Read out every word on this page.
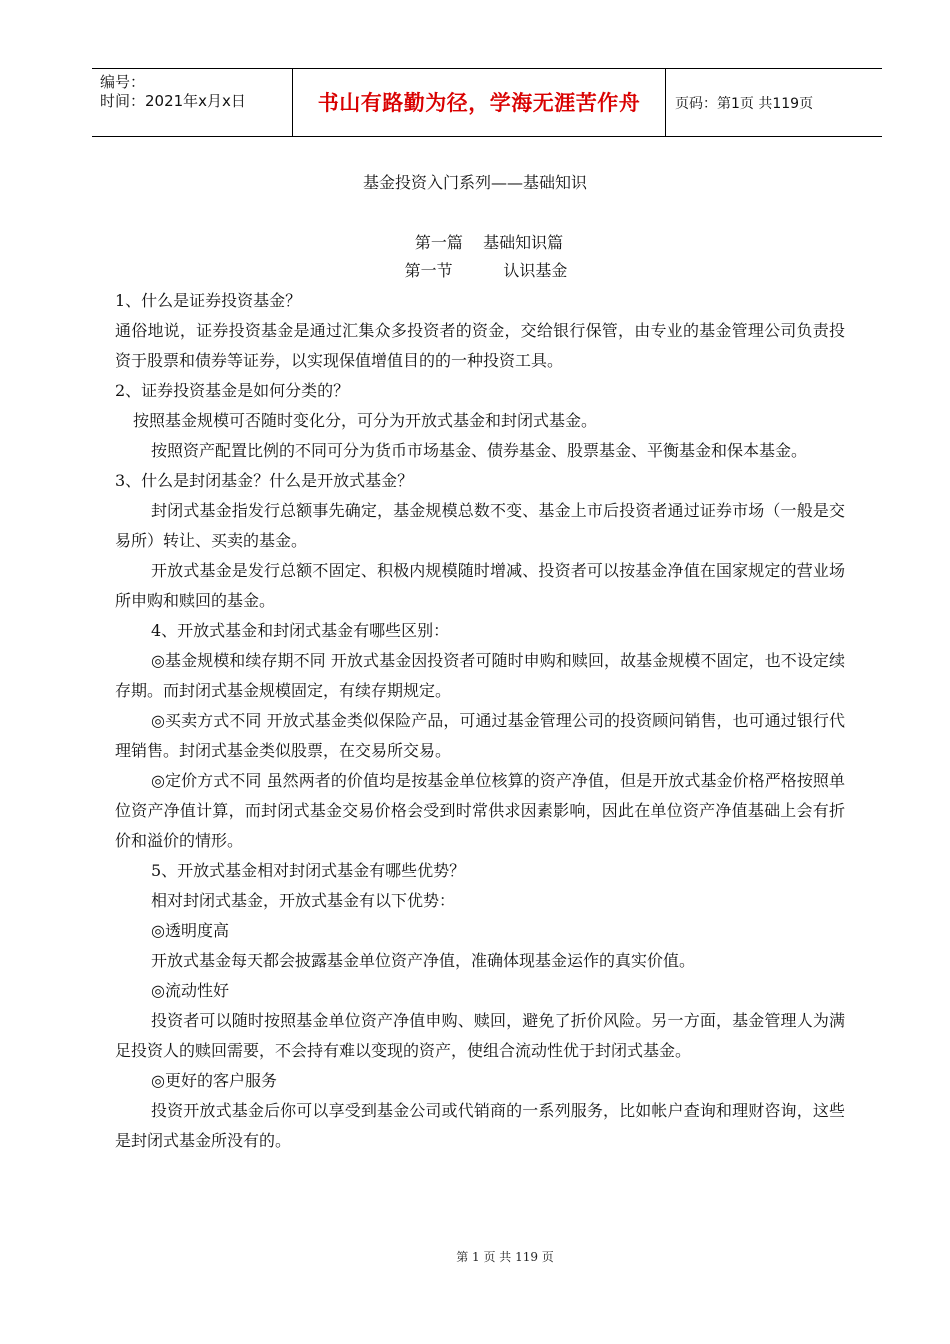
编号：
时间：2021年x月x日	书山有路勤为径，学海无涯苦作舟	页码：第1页 共119页
基金投资入门系列——基础知识
第一篇    基础知识篇
第一节          认识基金

1、什么是证券投资基金？

通俗地说，证券投资基金是通过汇集众多投资者的资金，交给银行保管，由专业的基金管理公司负责投资于股票和债券等证券，以实现保值增值目的的一种投资工具。

2、证券投资基金是如何分类的？

按照基金规模可否随时变化分，可分为开放式基金和封闭式基金。

按照资产配置比例的不同可分为货币市场基金、债券基金、股票基金、平衡基金和保本基金。

3、什么是封闭基金？什么是开放式基金？

封闭式基金指发行总额事先确定，基金规模总数不变、基金上市后投资者通过证券市场（一般是交易所）转让、买卖的基金。

开放式基金是发行总额不固定、积极内规模随时增减、投资者可以按基金净值在国家规定的营业场所申购和赎回的基金。

4、开放式基金和封闭式基金有哪些区别：

◎基金规模和续存期不同 开放式基金因投资者可随时申购和赎回，故基金规模不固定，也不设定续存期。而封闭式基金规模固定，有续存期规定。

◎买卖方式不同 开放式基金类似保险产品，可通过基金管理公司的投资顾问销售，也可通过银行代理销售。封闭式基金类似股票，在交易所交易。

◎定价方式不同 虽然两者的价值均是按基金单位核算的资产净值，但是开放式基金价格严格按照单位资产净值计算，而封闭式基金交易价格会受到时常供求因素影响，因此在单位资产净值基础上会有折价和溢价的情形。

5、开放式基金相对封闭式基金有哪些优势？

相对封闭式基金，开放式基金有以下优势：

◎透明度高

开放式基金每天都会披露基金单位资产净值，准确体现基金运作的真实价值。

◎流动性好

投资者可以随时按照基金单位资产净值申购、赎回，避免了折价风险。另一方面，基金管理人为满足投资人的赎回需要，不会持有难以变现的资产，使组合流动性优于封闭式基金。

◎更好的客户服务

投资开放式基金后你可以享受到基金公司或代销商的一系列服务，比如帐户查询和理财咨询，这些是封闭式基金所没有的。

第 1 页 共 119 页
